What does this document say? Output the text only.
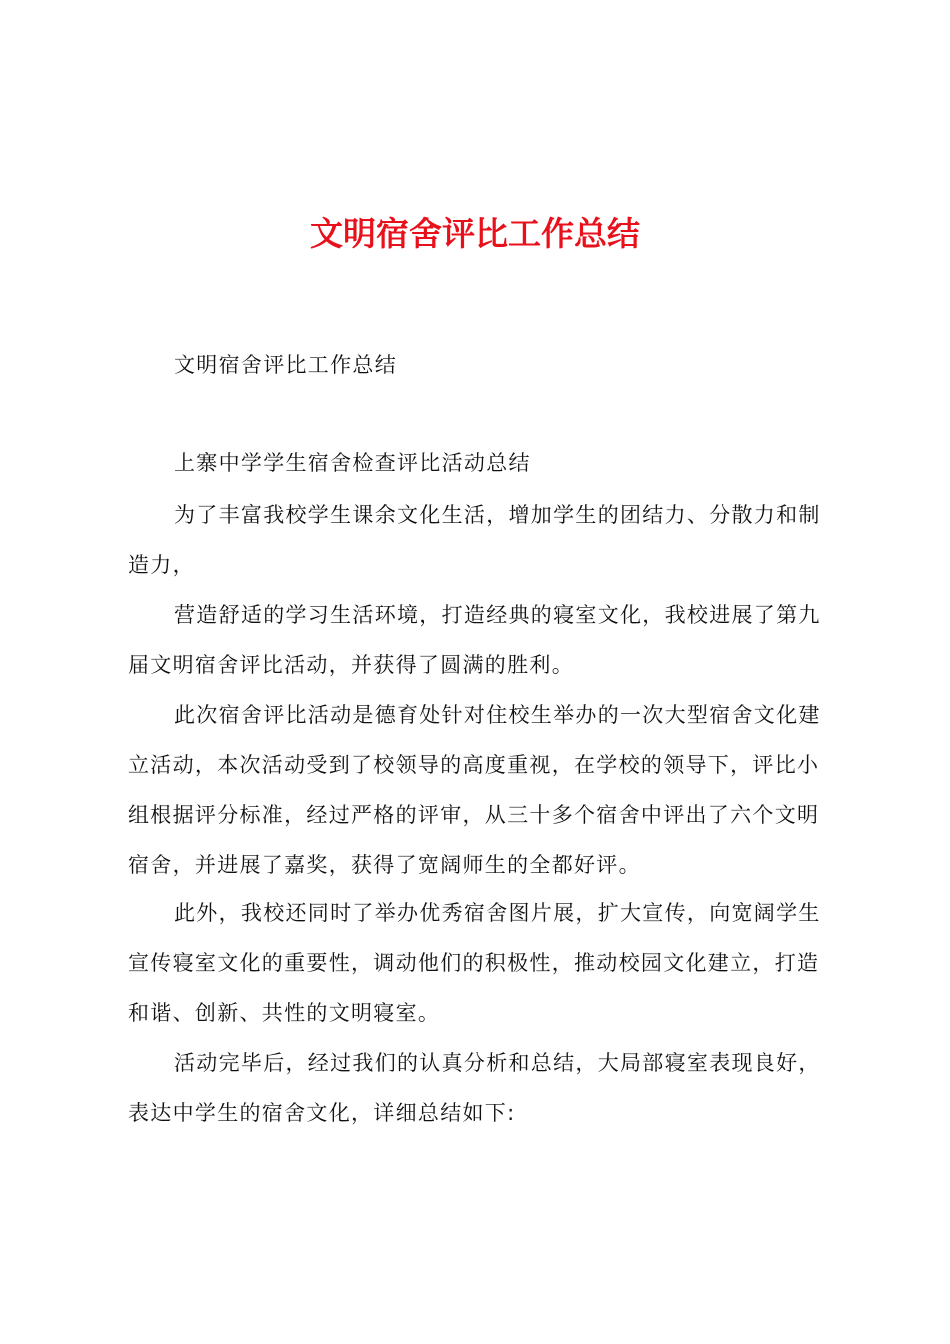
文明宿舍评比工作总结

文明宿舍评比工作总结

上寨中学学生宿舍检查评比活动总结

为了丰富我校学生课余文化生活，增加学生的团结力、分散力和制造力，

营造舒适的学习生活环境，打造经典的寝室文化，我校进展了第九届文明宿舍评比活动，并获得了圆满的胜利。

此次宿舍评比活动是德育处针对住校生举办的一次大型宿舍文化建立活动，本次活动受到了校领导的高度重视，在学校的领导下，评比小组根据评分标准，经过严格的评审，从三十多个宿舍中评出了六个文明宿舍，并进展了嘉奖，获得了宽阔师生的全都好评。

此外，我校还同时了举办优秀宿舍图片展，扩大宣传，向宽阔学生宣传寝室文化的重要性，调动他们的积极性，推动校园文化建立，打造和谐、创新、共性的文明寝室。

活动完毕后，经过我们的认真分析和总结，大局部寝室表现良好，表达中学生的宿舍文化，详细总结如下:
